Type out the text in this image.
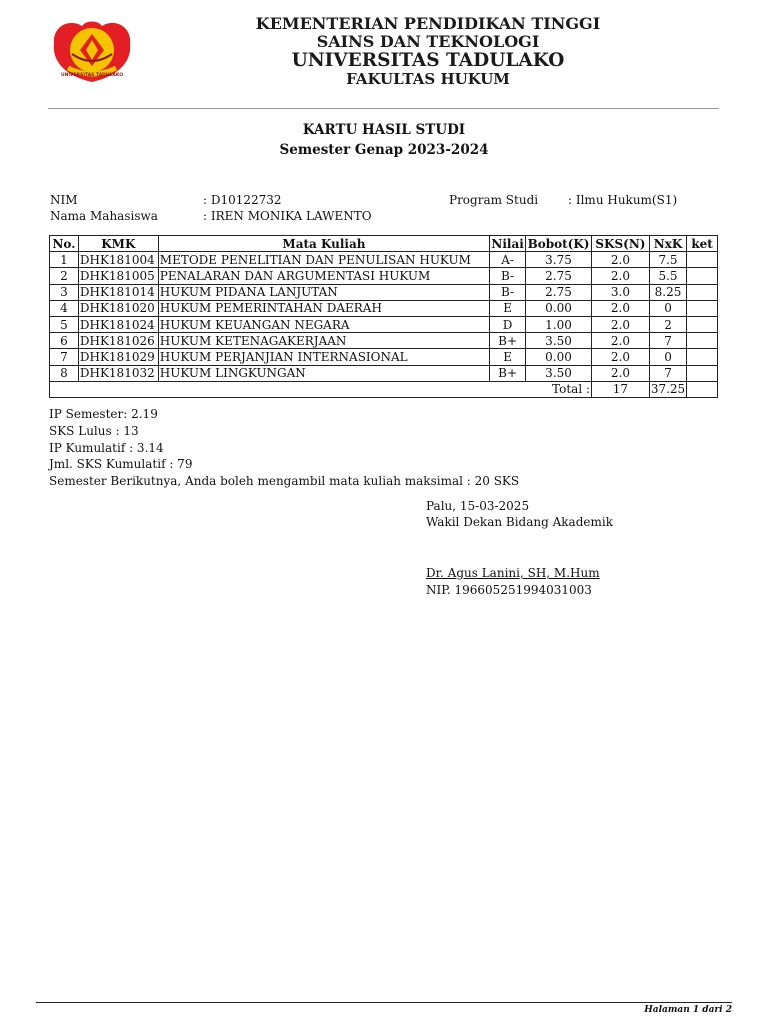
UNIVERSITAS TADULAKO
KEMENTERIAN PENDIDIKAN TINGGI
SAINS DAN TEKNOLOGI
UNIVERSITAS TADULAKO
FAKULTAS HUKUM
KARTU HASIL STUDI
Semester Genap 2023-2024
NIM	: D10122732
Nama Mahasiswa	: IREN MONIKA LAWENTO
Program Studi : Ilmu Hukum(S1)
No.	KMK	Mata Kuliah	Nilai	Bobot(K)	SKS(N)	NxK	ket
1	DHK181004	METODE PENELITIAN DAN PENULISAN HUKUM	A-	3.75	2.0	7.5	
2	DHK181005	PENALARAN DAN ARGUMENTASI HUKUM	B-	2.75	2.0	5.5	
3	DHK181014	HUKUM PIDANA LANJUTAN	B-	2.75	3.0	8.25	
4	DHK181020	HUKUM PEMERINTAHAN DAERAH	E	0.00	2.0	0	
5	DHK181024	HUKUM KEUANGAN NEGARA	D	1.00	2.0	2	
6	DHK181026	HUKUM KETENAGAKERJAAN	B+	3.50	2.0	7	
7	DHK181029	HUKUM PERJANJIAN INTERNASIONAL	E	0.00	2.0	0	
8	DHK181032	HUKUM LINGKUNGAN	B+	3.50	2.0	7	
Total :					17	37.25	
IP Semester: 2.19
SKS Lulus : 13
IP Kumulatif : 3.14
Jml. SKS Kumulatif : 79
Semester Berikutnya, Anda boleh mengambil mata kuliah maksimal : 20 SKS
Palu, 15-03-2025
Wakil Dekan Bidang Akademik
Dr. Agus Lanini, SH, M.Hum
NIP. 196605251994031003
Halaman 1 dari 2
